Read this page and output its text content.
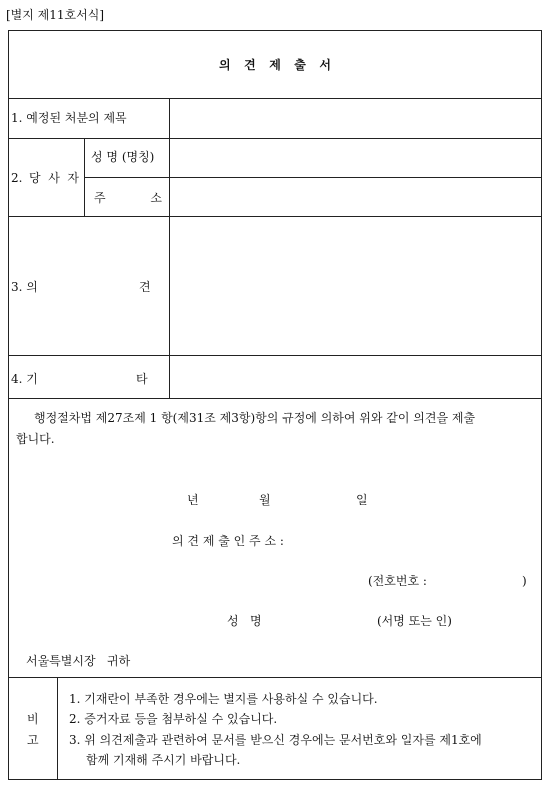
[별지 제11호서식]
의 견 제 출 서
1. 예정된 처분의 제목
2. 당 사 자
성 명 (명칭)
주	소
3. 의	견
4. 기	타
행정절차법 제27조제 1 항(제31조 제3항)항의 규정에 의하여 위와 같이 의견을 제출
합니다.
년	월	일
의 견 제 출 인 주 소 :
(전호번호 :	)
성   명	(서명 또는 인)
서울특별시장   귀하
비
고
1. 기재란이 부족한 경우에는 별지를 사용하실 수 있습니다.
2. 증거자료 등을 첨부하실 수 있습니다.
3. 위 의견제출과 관련하여 문서를 받으신 경우에는 문서번호와 일자를 제1호에
함께 기재해 주시기 바랍니다.
